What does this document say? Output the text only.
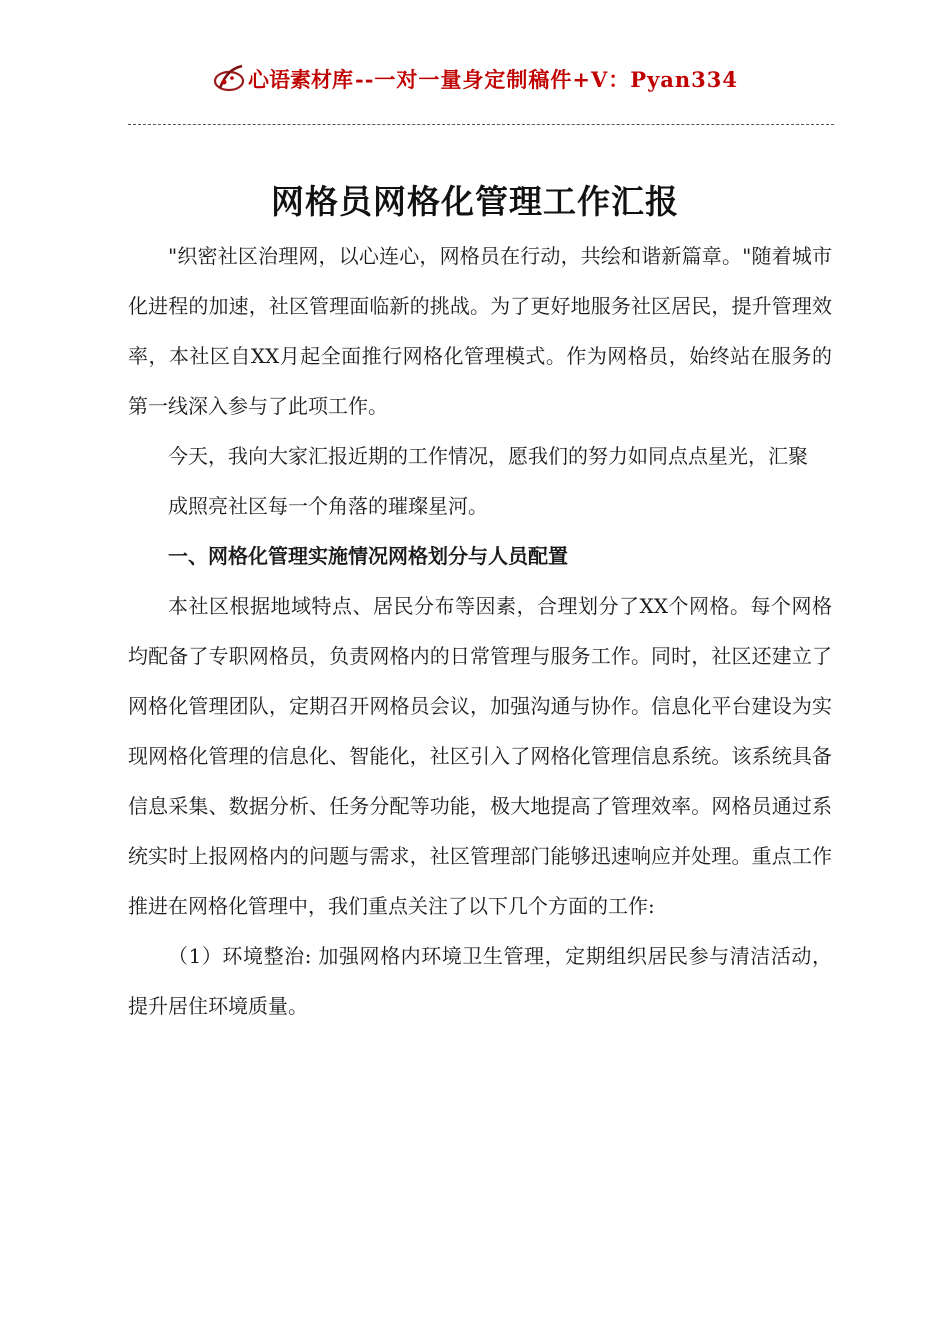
心语素材库 --一对一量身定制稿件+V：Pyan334
网格员网格化管理工作汇报

"织密社区治理网，以心连心，网格员在行动，共绘和谐新篇章。"随着城市化进程的加速，社区管理面临新的挑战。为了更好地服务社区居民，提升管理效率，本社区自XX月起全面推行网格化管理模式。作为网格员，始终站在服务的第一线深入参与了此项工作。

今天，我向大家汇报近期的工作情况，愿我们的努力如同点点星光，汇聚

成照亮社区每一个角落的璀璨星河。

一、网格化管理实施情况网格划分与人员配置

本社区根据地域特点、居民分布等因素，合理划分了XX个网格。每个网格均配备了专职网格员，负责网格内的日常管理与服务工作。同时，社区还建立了网格化管理团队，定期召开网格员会议，加强沟通与协作。信息化平台建设为实现网格化管理的信息化、智能化，社区引入了网格化管理信息系统。该系统具备信息采集、数据分析、任务分配等功能，极大地提高了管理效率。网格员通过系统实时上报网格内的问题与需求，社区管理部门能够迅速响应并处理。重点工作推进在网格化管理中，我们重点关注了以下几个方面的工作:

（1）环境整治: 加强网格内环境卫生管理，定期组织居民参与清洁活动，提升居住环境质量。
